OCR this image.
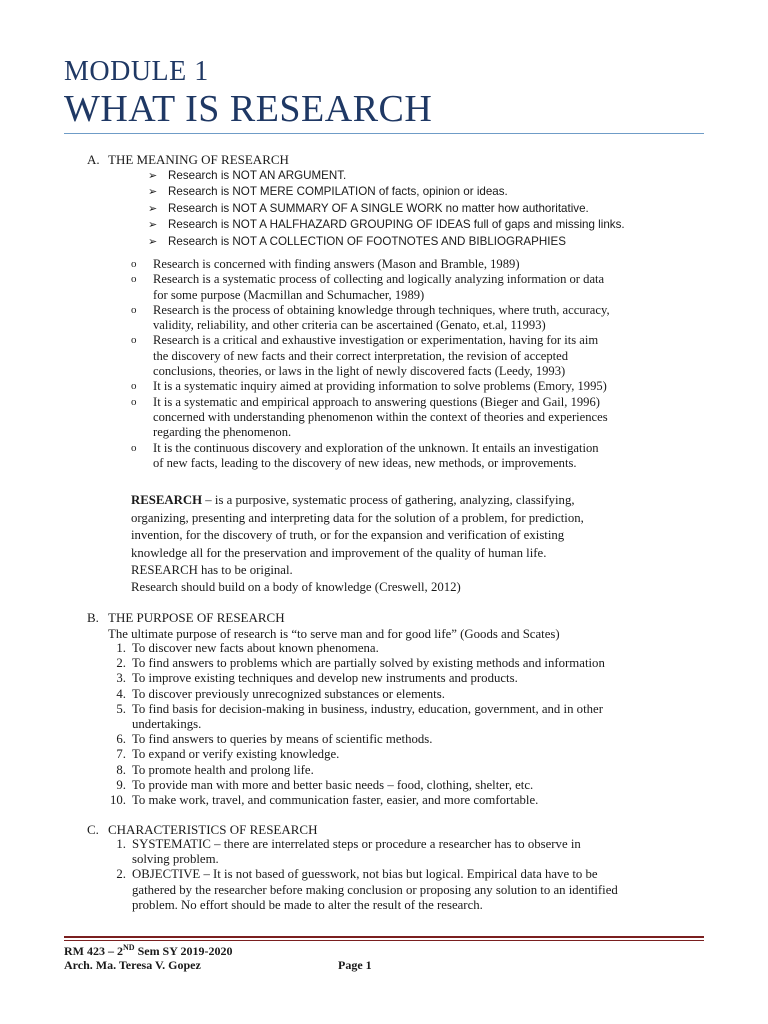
MODULE 1
WHAT IS RESEARCH
A. THE MEANING OF RESEARCH
➢ Research is NOT AN ARGUMENT.
➢ Research is NOT MERE COMPILATION of facts, opinion or ideas.
➢ Research is NOT A SUMMARY OF A SINGLE WORK no matter how authoritative.
➢ Research is NOT A HALFHAZARD GROUPING OF IDEAS full of gaps and missing links.
➢ Research is NOT A COLLECTION OF FOOTNOTES AND BIBLIOGRAPHIES
o	Research is concerned with finding answers (Mason and Bramble, 1989)
o	Research is a systematic process of collecting and logically analyzing information or data
for some purpose (Macmillan and Schumacher, 1989)
o	Research is the process of obtaining knowledge through techniques, where truth, accuracy,
validity, reliability, and other criteria can be ascertained (Genato, et.al, 11993)
o	Research is a critical and exhaustive investigation or experimentation, having for its aim
the discovery of new facts and their correct interpretation, the revision of accepted
conclusions, theories, or laws in the light of newly discovered facts (Leedy, 1993)
o	It is a systematic inquiry aimed at providing information to solve problems (Emory, 1995)
o	It is a systematic and empirical approach to answering questions (Bieger and Gail, 1996)
concerned with understanding phenomenon within the context of theories and experiences
regarding the phenomenon.
o	It is the continuous discovery and exploration of the unknown. It entails an investigation
of new facts, leading to the discovery of new ideas, new methods, or improvements.
RESEARCH – is a purposive, systematic process of gathering, analyzing, classifying,
organizing, presenting and interpreting data for the solution of a problem, for prediction,
invention, for the discovery of truth, or for the expansion and verification of existing
knowledge all for the preservation and improvement of the quality of human life.
RESEARCH has to be original.
Research should build on a body of knowledge (Creswell, 2012)
B. THE PURPOSE OF RESEARCH
The ultimate purpose of research is “to serve man and for good life” (Goods and Scates)
1. To discover new facts about known phenomena.
2. To find answers to problems which are partially solved by existing methods and information
3. To improve existing techniques and develop new instruments and products.
4. To discover previously unrecognized substances or elements.
5. To find basis for decision-making in business, industry, education, government, and in other
undertakings.
6. To find answers to queries by means of scientific methods.
7. To expand or verify existing knowledge.
8. To promote health and prolong life.
9. To provide man with more and better basic needs – food, clothing, shelter, etc.
10. To make work, travel, and communication faster, easier, and more comfortable.
C. CHARACTERISTICS OF RESEARCH
1. SYSTEMATIC – there are interrelated steps or procedure a researcher has to observe in
solving problem.
2. OBJECTIVE – It is not based of guesswork, not bias but logical. Empirical data have to be
gathered by the researcher before making conclusion or proposing any solution to an identified
problem. No effort should be made to alter the result of the research.
RM 423 – 2ND Sem SY 2019-2020
Arch. Ma. Teresa V. Gopez	Page 1
